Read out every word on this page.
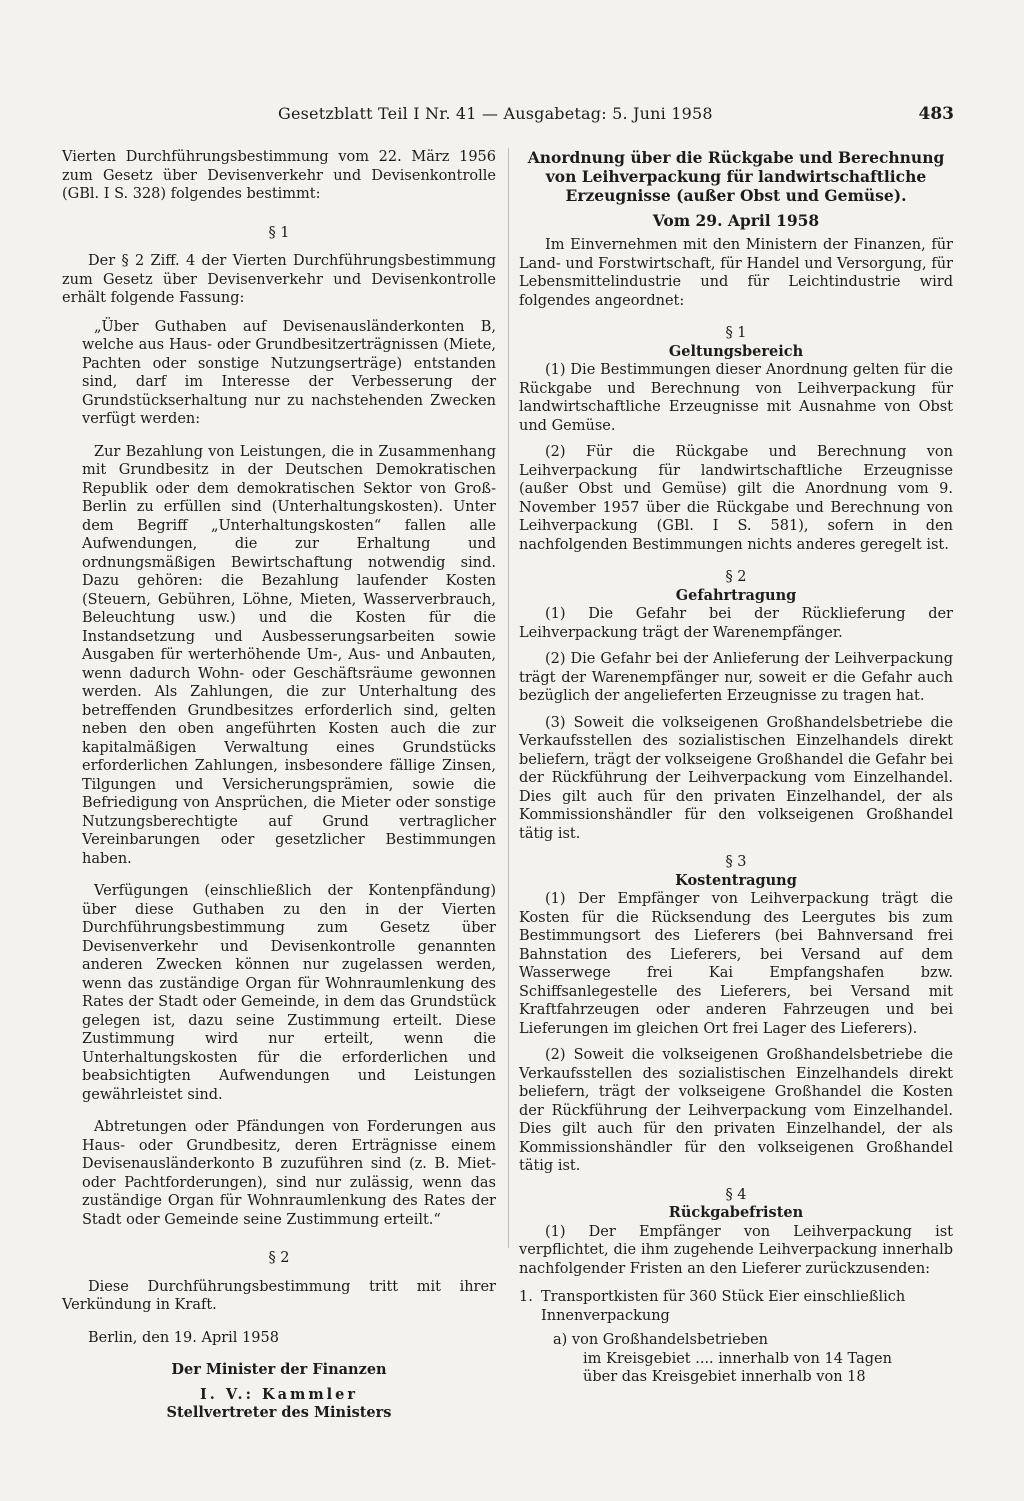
Gesetzblatt Teil I Nr. 41 — Ausgabetag: 5. Juni 1958	483

Vierten Durchführungsbestimmung vom 22. März 1956 zum Gesetz über Devisenverkehr und Devisenkontrolle (GBl. I S. 328) folgendes bestimmt:

§ 1

Der § 2 Ziff. 4 der Vierten Durchführungsbestimmung zum Gesetz über Devisenverkehr und Devisenkontrolle erhält folgende Fassung:

„Über Guthaben auf Devisenausländerkonten B, welche aus Haus- oder Grundbesitzerträgnissen (Miete, Pachten oder sonstige Nutzungserträge) entstanden sind, darf im Interesse der Verbesserung der Grundstückserhaltung nur zu nachstehenden Zwecken verfügt werden:

Zur Bezahlung von Leistungen, die in Zusammenhang mit Grundbesitz in der Deutschen Demokratischen Republik oder dem demokratischen Sektor von Groß-Berlin zu erfüllen sind (Unterhaltungskosten). Unter dem Begriff „Unterhaltungskosten“ fallen alle Aufwendungen, die zur Erhaltung und ordnungsmäßigen Bewirtschaftung notwendig sind. Dazu gehören: die Bezahlung laufender Kosten (Steuern, Gebühren, Löhne, Mieten, Wasserverbrauch, Beleuchtung usw.) und die Kosten für die Instandsetzung und Ausbesserungsarbeiten sowie Ausgaben für werterhöhende Um-, Aus- und Anbauten, wenn dadurch Wohn- oder Geschäftsräume gewonnen werden. Als Zahlungen, die zur Unterhaltung des betreffenden Grundbesitzes erforderlich sind, gelten neben den oben angeführten Kosten auch die zur kapitalmäßigen Verwaltung eines Grundstücks erforderlichen Zahlungen, insbesondere fällige Zinsen, Tilgungen und Versicherungsprämien, sowie die Befriedigung von Ansprüchen, die Mieter oder sonstige Nutzungsberechtigte auf Grund vertraglicher Vereinbarungen oder gesetzlicher Bestimmungen haben.

Verfügungen (einschließlich der Kontenpfändung) über diese Guthaben zu den in der Vierten Durchführungsbestimmung zum Gesetz über Devisenverkehr und Devisenkontrolle genannten anderen Zwecken können nur zugelassen werden, wenn das zuständige Organ für Wohnraumlenkung des Rates der Stadt oder Gemeinde, in dem das Grundstück gelegen ist, dazu seine Zustimmung erteilt. Diese Zustimmung wird nur erteilt, wenn die Unterhaltungskosten für die erforderlichen und beabsichtigten Aufwendungen und Leistungen gewährleistet sind.

Abtretungen oder Pfändungen von Forderungen aus Haus- oder Grundbesitz, deren Erträgnisse einem Devisenausländerkonto B zuzuführen sind (z. B. Miet- oder Pachtforderungen), sind nur zulässig, wenn das zuständige Organ für Wohnraumlenkung des Rates der Stadt oder Gemeinde seine Zustimmung erteilt.“

§ 2

Diese Durchführungsbestimmung tritt mit ihrer Verkündung in Kraft.

Berlin, den 19. April 1958

Der Minister der Finanzen

I. V.: Kammler

Stellvertreter des Ministers

Anordnung über die Rückgabe und Berechnung von Leihverpackung für landwirtschaftliche Erzeugnisse (außer Obst und Gemüse).

Vom 29. April 1958

Im Einvernehmen mit den Ministern der Finanzen, für Land- und Forstwirtschaft, für Handel und Versorgung, für Lebensmittelindustrie und für Leichtindustrie wird folgendes angeordnet:

§ 1

Geltungsbereich

(1) Die Bestimmungen dieser Anordnung gelten für die Rückgabe und Berechnung von Leihverpackung für landwirtschaftliche Erzeugnisse mit Ausnahme von Obst und Gemüse.

(2) Für die Rückgabe und Berechnung von Leihverpackung für landwirtschaftliche Erzeugnisse (außer Obst und Gemüse) gilt die Anordnung vom 9. November 1957 über die Rückgabe und Berechnung von Leihverpackung (GBl. I S. 581), sofern in den nachfolgenden Bestimmungen nichts anderes geregelt ist.

§ 2

Gefahrtragung

(1) Die Gefahr bei der Rücklieferung der Leihverpackung trägt der Warenempfänger.

(2) Die Gefahr bei der Anlieferung der Leihverpackung trägt der Warenempfänger nur, soweit er die Gefahr auch bezüglich der angelieferten Erzeugnisse zu tragen hat.

(3) Soweit die volkseigenen Großhandelsbetriebe die Verkaufsstellen des sozialistischen Einzelhandels direkt beliefern, trägt der volkseigene Großhandel die Gefahr bei der Rückführung der Leihverpackung vom Einzelhandel. Dies gilt auch für den privaten Einzelhandel, der als Kommissionshändler für den volkseigenen Großhandel tätig ist.

§ 3

Kostentragung

(1) Der Empfänger von Leihverpackung trägt die Kosten für die Rücksendung des Leergutes bis zum Bestimmungsort des Lieferers (bei Bahnversand frei Bahnstation des Lieferers, bei Versand auf dem Wasserwege frei Kai Empfangshafen bzw. Schiffsanlegestelle des Lieferers, bei Versand mit Kraftfahrzeugen oder anderen Fahrzeugen und bei Lieferungen im gleichen Ort frei Lager des Lieferers).

(2) Soweit die volkseigenen Großhandelsbetriebe die Verkaufsstellen des sozialistischen Einzelhandels direkt beliefern, trägt der volkseigene Großhandel die Kosten der Rückführung der Leihverpackung vom Einzelhandel. Dies gilt auch für den privaten Einzelhandel, der als Kommissionshändler für den volkseigenen Großhandel tätig ist.

§ 4

Rückgabefristen

(1) Der Empfänger von Leihverpackung ist verpflichtet, die ihm zugehende Leihverpackung innerhalb nachfolgender Fristen an den Lieferer zurückzusenden:

1. Transportkisten für 360 Stück Eier einschließlich Innenverpackung

a) von Großhandelsbetrieben

im Kreisgebiet .... innerhalb von 14 Tagen

über das Kreisgebiet innerhalb von 18
